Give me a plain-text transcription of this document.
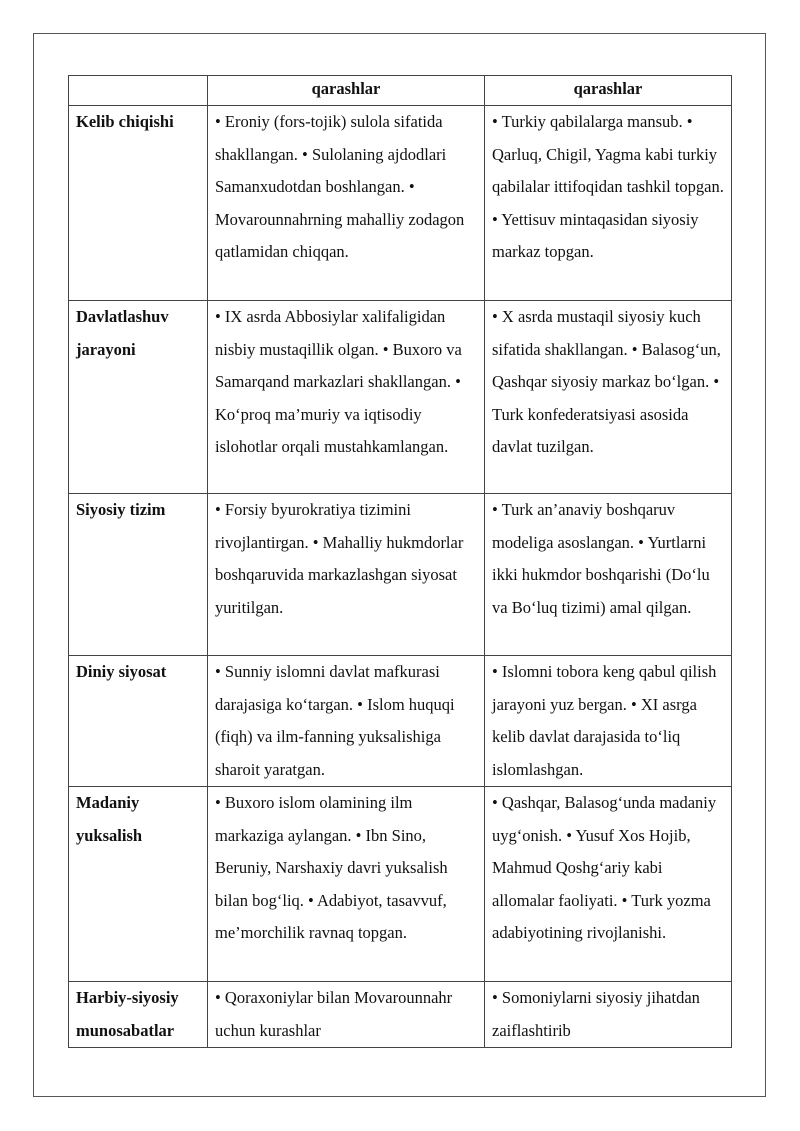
	qarashlar	qarashlar
Kelib chiqishi	• Eroniy (fors-tojik) sulola sifatida shakllangan. • Sulolaning ajdodlari Samanxudotdan boshlangan. • Movarounnahrning mahalliy zodagon qatlamidan chiqqan.	• Turkiy qabilalarga mansub. • Qarluq, Chigil, Yagma kabi turkiy qabilalar ittifoqidan tashkil topgan. • Yettisuv mintaqasidan siyosiy markaz topgan.
Davlatlashuv jarayoni	• IX asrda Abbosiylar xalifaligidan nisbiy mustaqillik olgan. • Buxoro va Samarqand markazlari shakllangan. • Ko‘proq ma’muriy va iqtisodiy islohotlar orqali mustahkamlangan.	• X asrda mustaqil siyosiy kuch sifatida shakllangan. • Balasog‘un, Qashqar siyosiy markaz bo‘lgan. • Turk konfederatsiyasi asosida davlat tuzilgan.
Siyosiy tizim	• Forsiy byurokratiya tizimini rivojlantirgan. • Mahalliy hukmdorlar boshqaruvida markazlashgan siyosat yuritilgan.	• Turk an’anaviy boshqaruv modeliga asoslangan. • Yurtlarni ikki hukmdor boshqarishi (Do‘lu va Bo‘luq tizimi) amal qilgan.
Diniy siyosat	• Sunniy islomni davlat mafkurasi darajasiga ko‘targan. • Islom huquqi (fiqh) va ilm-fanning yuksalishiga sharoit yaratgan.	• Islomni tobora keng qabul qilish jarayoni yuz bergan. • XI asrga kelib davlat darajasida to‘liq islomlashgan.
Madaniy yuksalish	• Buxoro islom olamining ilm markaziga aylangan. • Ibn Sino, Beruniy, Narshaxiy davri yuksalish bilan bog‘liq. • Adabiyot, tasavvuf, me’morchilik ravnaq topgan.	• Qashqar, Balasog‘unda madaniy uyg‘onish. • Yusuf Xos Hojib, Mahmud Qoshg‘ariy kabi allomalar faoliyati. • Turk yozma adabiyotining rivojlanishi.
Harbiy-siyosiy munosabatlar	• Qoraxoniylar bilan Movarounnahr uchun kurashlar	• Somoniylarni siyosiy jihatdan zaiflashtirib
